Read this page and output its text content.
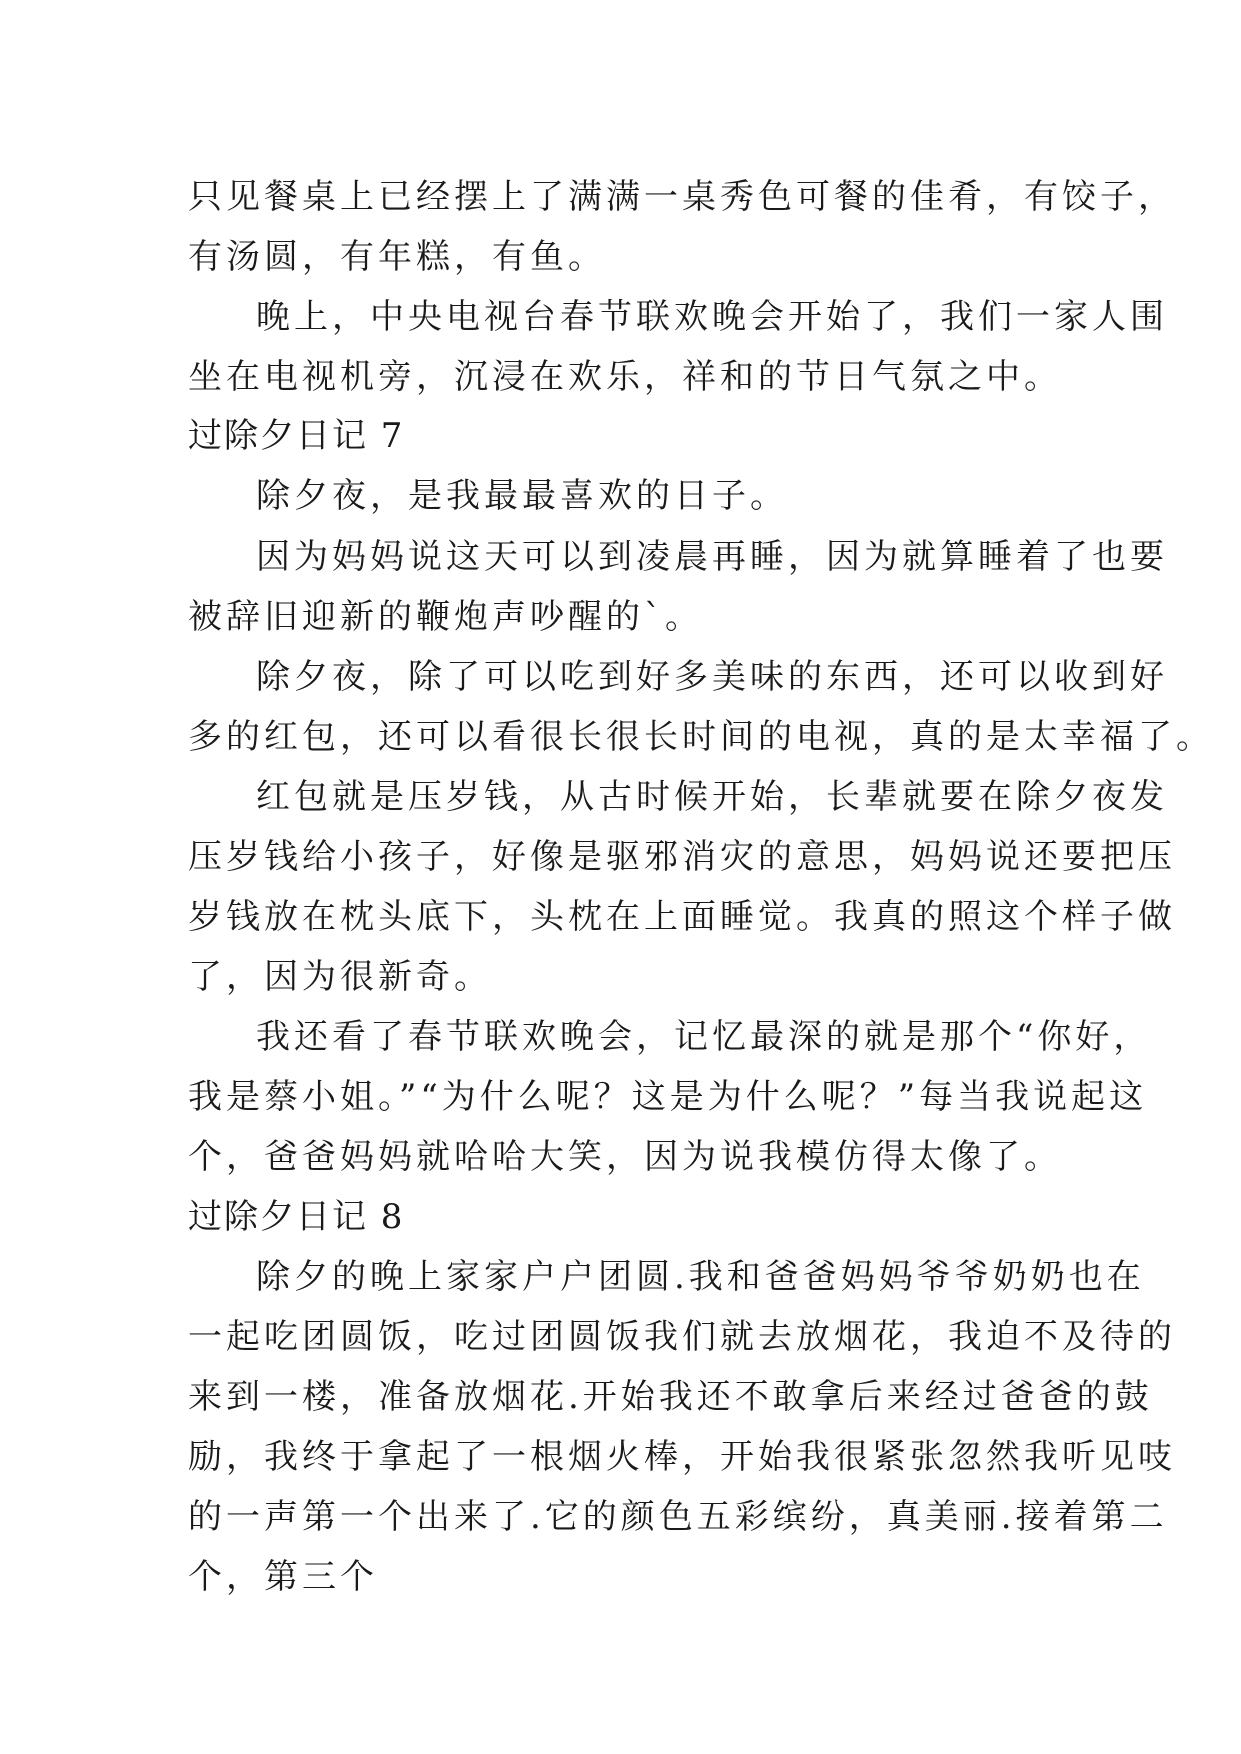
只见餐桌上已经摆上了满满一桌秀色可餐的佳肴，有饺子，
有汤圆，有年糕，有鱼。
晚上，中央电视台春节联欢晚会开始了，我们一家人围
坐在电视机旁，沉浸在欢乐，祥和的节日气氛之中。
过除夕日记 7
除夕夜，是我最最喜欢的日子。
因为妈妈说这天可以到凌晨再睡，因为就算睡着了也要
被辞旧迎新的鞭炮声吵醒的`。
除夕夜，除了可以吃到好多美味的东西，还可以收到好
多的红包，还可以看很长很长时间的电视，真的是太幸福了。
红包就是压岁钱，从古时候开始，长辈就要在除夕夜发
压岁钱给小孩子，好像是驱邪消灾的意思，妈妈说还要把压
岁钱放在枕头底下，头枕在上面睡觉。我真的照这个样子做
了，因为很新奇。
我还看了春节联欢晚会，记忆最深的就是那个“你好，
我是蔡小姐。”“为什么呢？这是为什么呢？”每当我说起这
个，爸爸妈妈就哈哈大笑，因为说我模仿得太像了。
过除夕日记 8
除夕的晚上家家户户团圆.我和爸爸妈妈爷爷奶奶也在
一起吃团圆饭，吃过团圆饭我们就去放烟花，我迫不及待的
来到一楼，准备放烟花.开始我还不敢拿后来经过爸爸的鼓
励，我终于拿起了一根烟火棒，开始我很紧张忽然我听见吱
的一声第一个出来了.它的颜色五彩缤纷，真美丽.接着第二
个，第三个
